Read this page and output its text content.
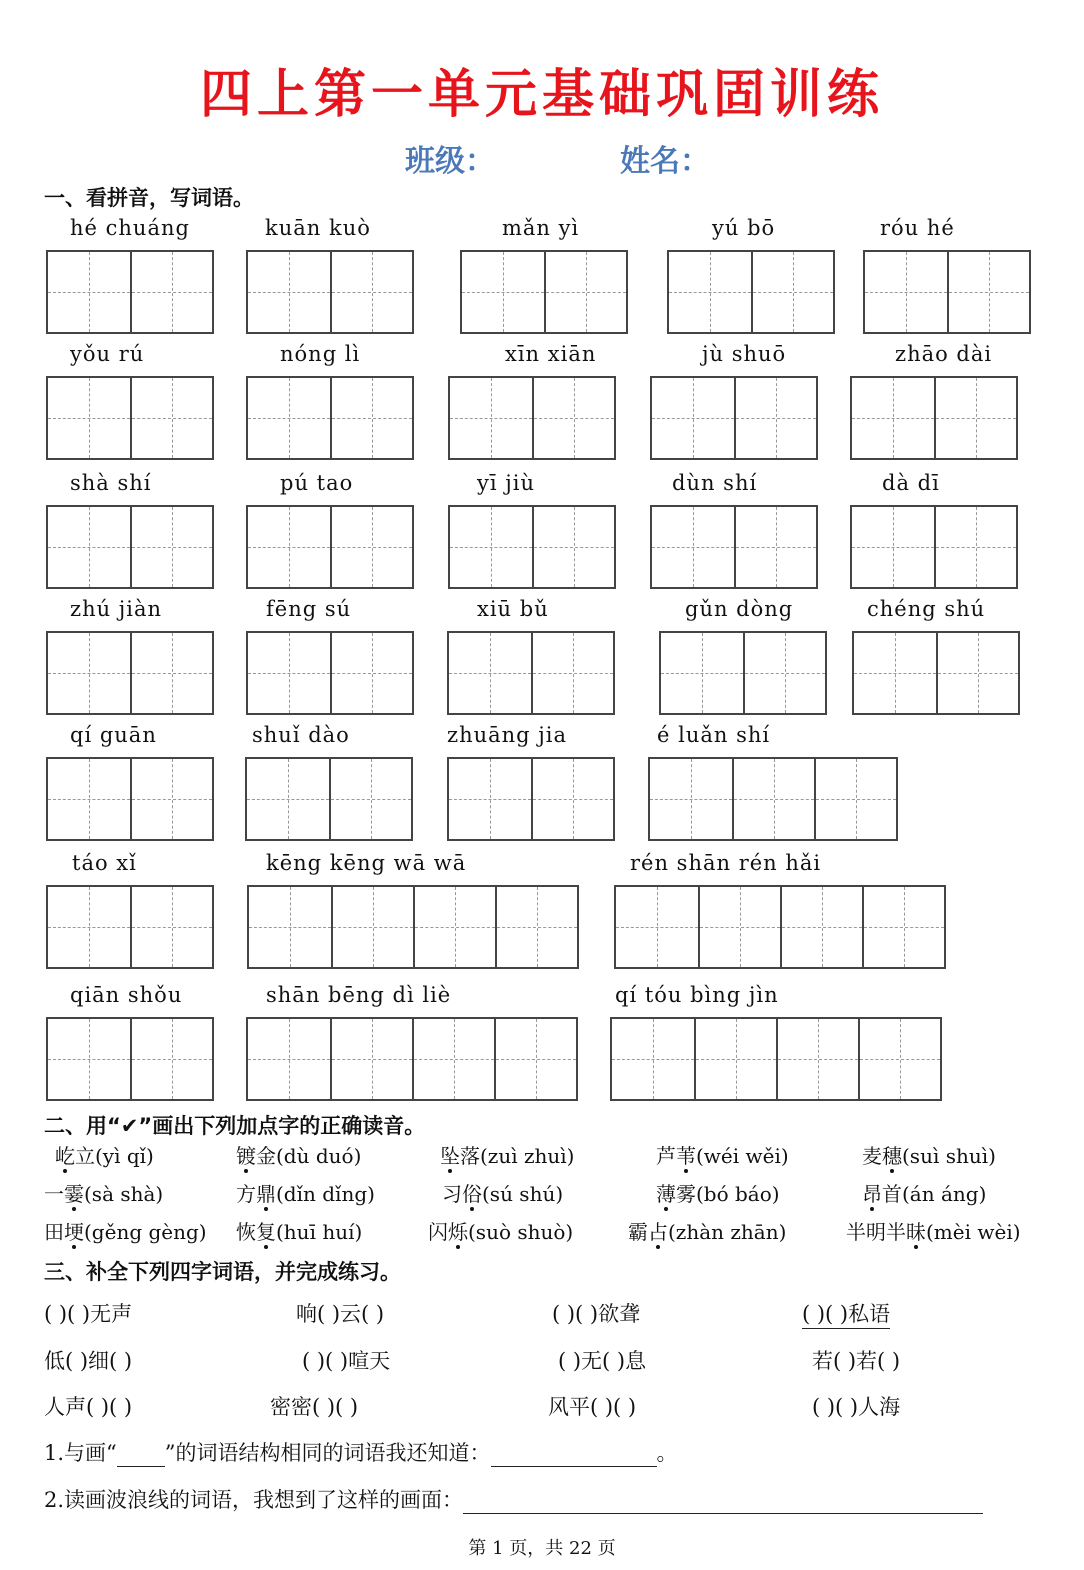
四上第一单元基础巩固训练
班级：	姓名：
一、看拼音，写词语。
hé chuáng	kuān kuò	mǎn yì	yú bō	róu hé
yǒu rú	nóng lì	xīn xiān	jù shuō	zhāo dài
shà shí	pú tao	yī jiù	dùn shí	dà dī
zhú jiàn	fēng sú	xiū bǔ	gǔn dòng	chéng shú
qí guān	shuǐ dào	zhuāng jia	é luǎn shí
táo xǐ	kēng kēng wā wā	rén shān rén hǎi
qiān shǒu	shān bēng dì liè	qí tóu bìng jìn
二、用“✔”画出下列加点字的正确读音。
屹立(yì qǐ)	镀金(dù duó)	坠落(zuì zhuì)	芦苇(wéi wěi)	麦穗(suì shuì)
一霎(sà shà)	方鼎(dǐn dǐng)	习俗(sú shú)	薄雾(bó báo)	昂首(án áng)
田埂(gěng gèng) 恢复(huī huí)	闪烁(suò shuò)	霸占(zhàn zhān)	半明半昧(mèi wèi)
三、补全下列四字词语，并完成练习。
( )( )无声	响( )云( )	( )( )欲聋	( )( )私语
低( )细( )	( )( )喧天	( )无( )息	若( )若( )
人声( )( )	密密( )( )	风平( )( )	( )( )人海
1.与画“ ”的词语结构相同的词语我还知道：	。
2.读画波浪线的词语，我想到了这样的画面：
第 1 页，共 22 页
